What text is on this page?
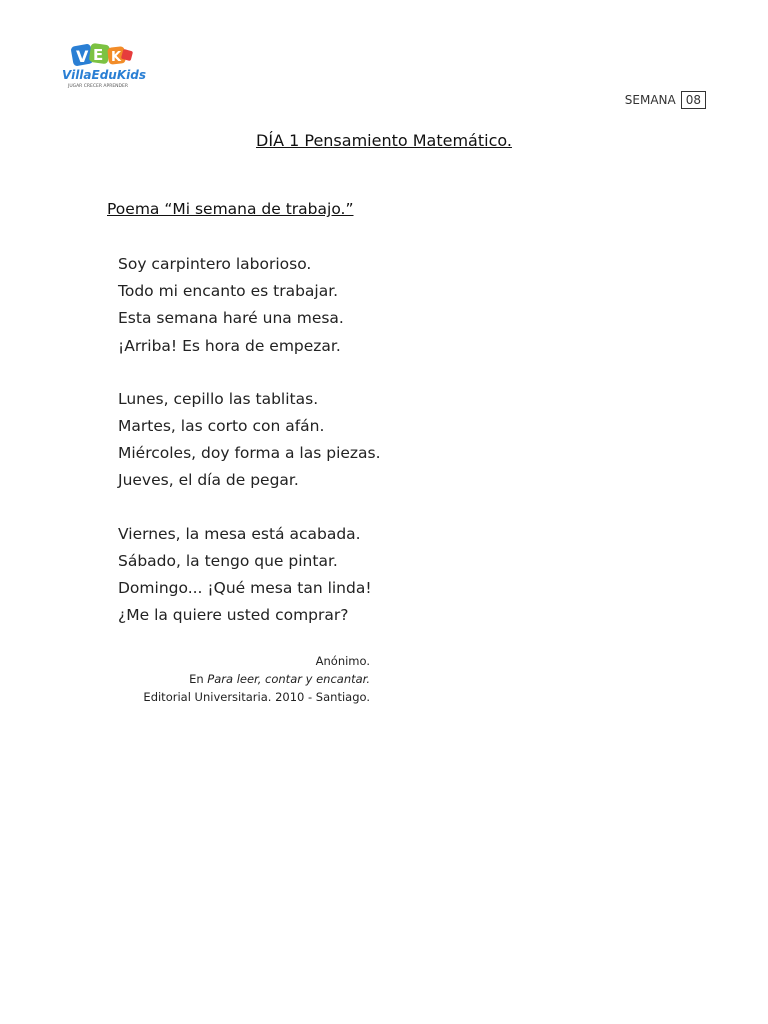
V E K
VillaEduKids
JUGAR CRECER APRENDER
SEMANA 08
DÍA 1 Pensamiento Matemático.
Poema “Mi semana de trabajo.”
Soy carpintero laborioso.
Todo mi encanto es trabajar.
Esta semana haré una mesa.
¡Arriba! Es hora de empezar.
Lunes, cepillo las tablitas.
Martes, las corto con afán.
Miércoles, doy forma a las piezas.
Jueves, el día de pegar.
Viernes, la mesa está acabada.
Sábado, la tengo que pintar.
Domingo... ¡Qué mesa tan linda!
¿Me la quiere usted comprar?
Anónimo.
En Para leer, contar y encantar.
Editorial Universitaria. 2010 - Santiago.
